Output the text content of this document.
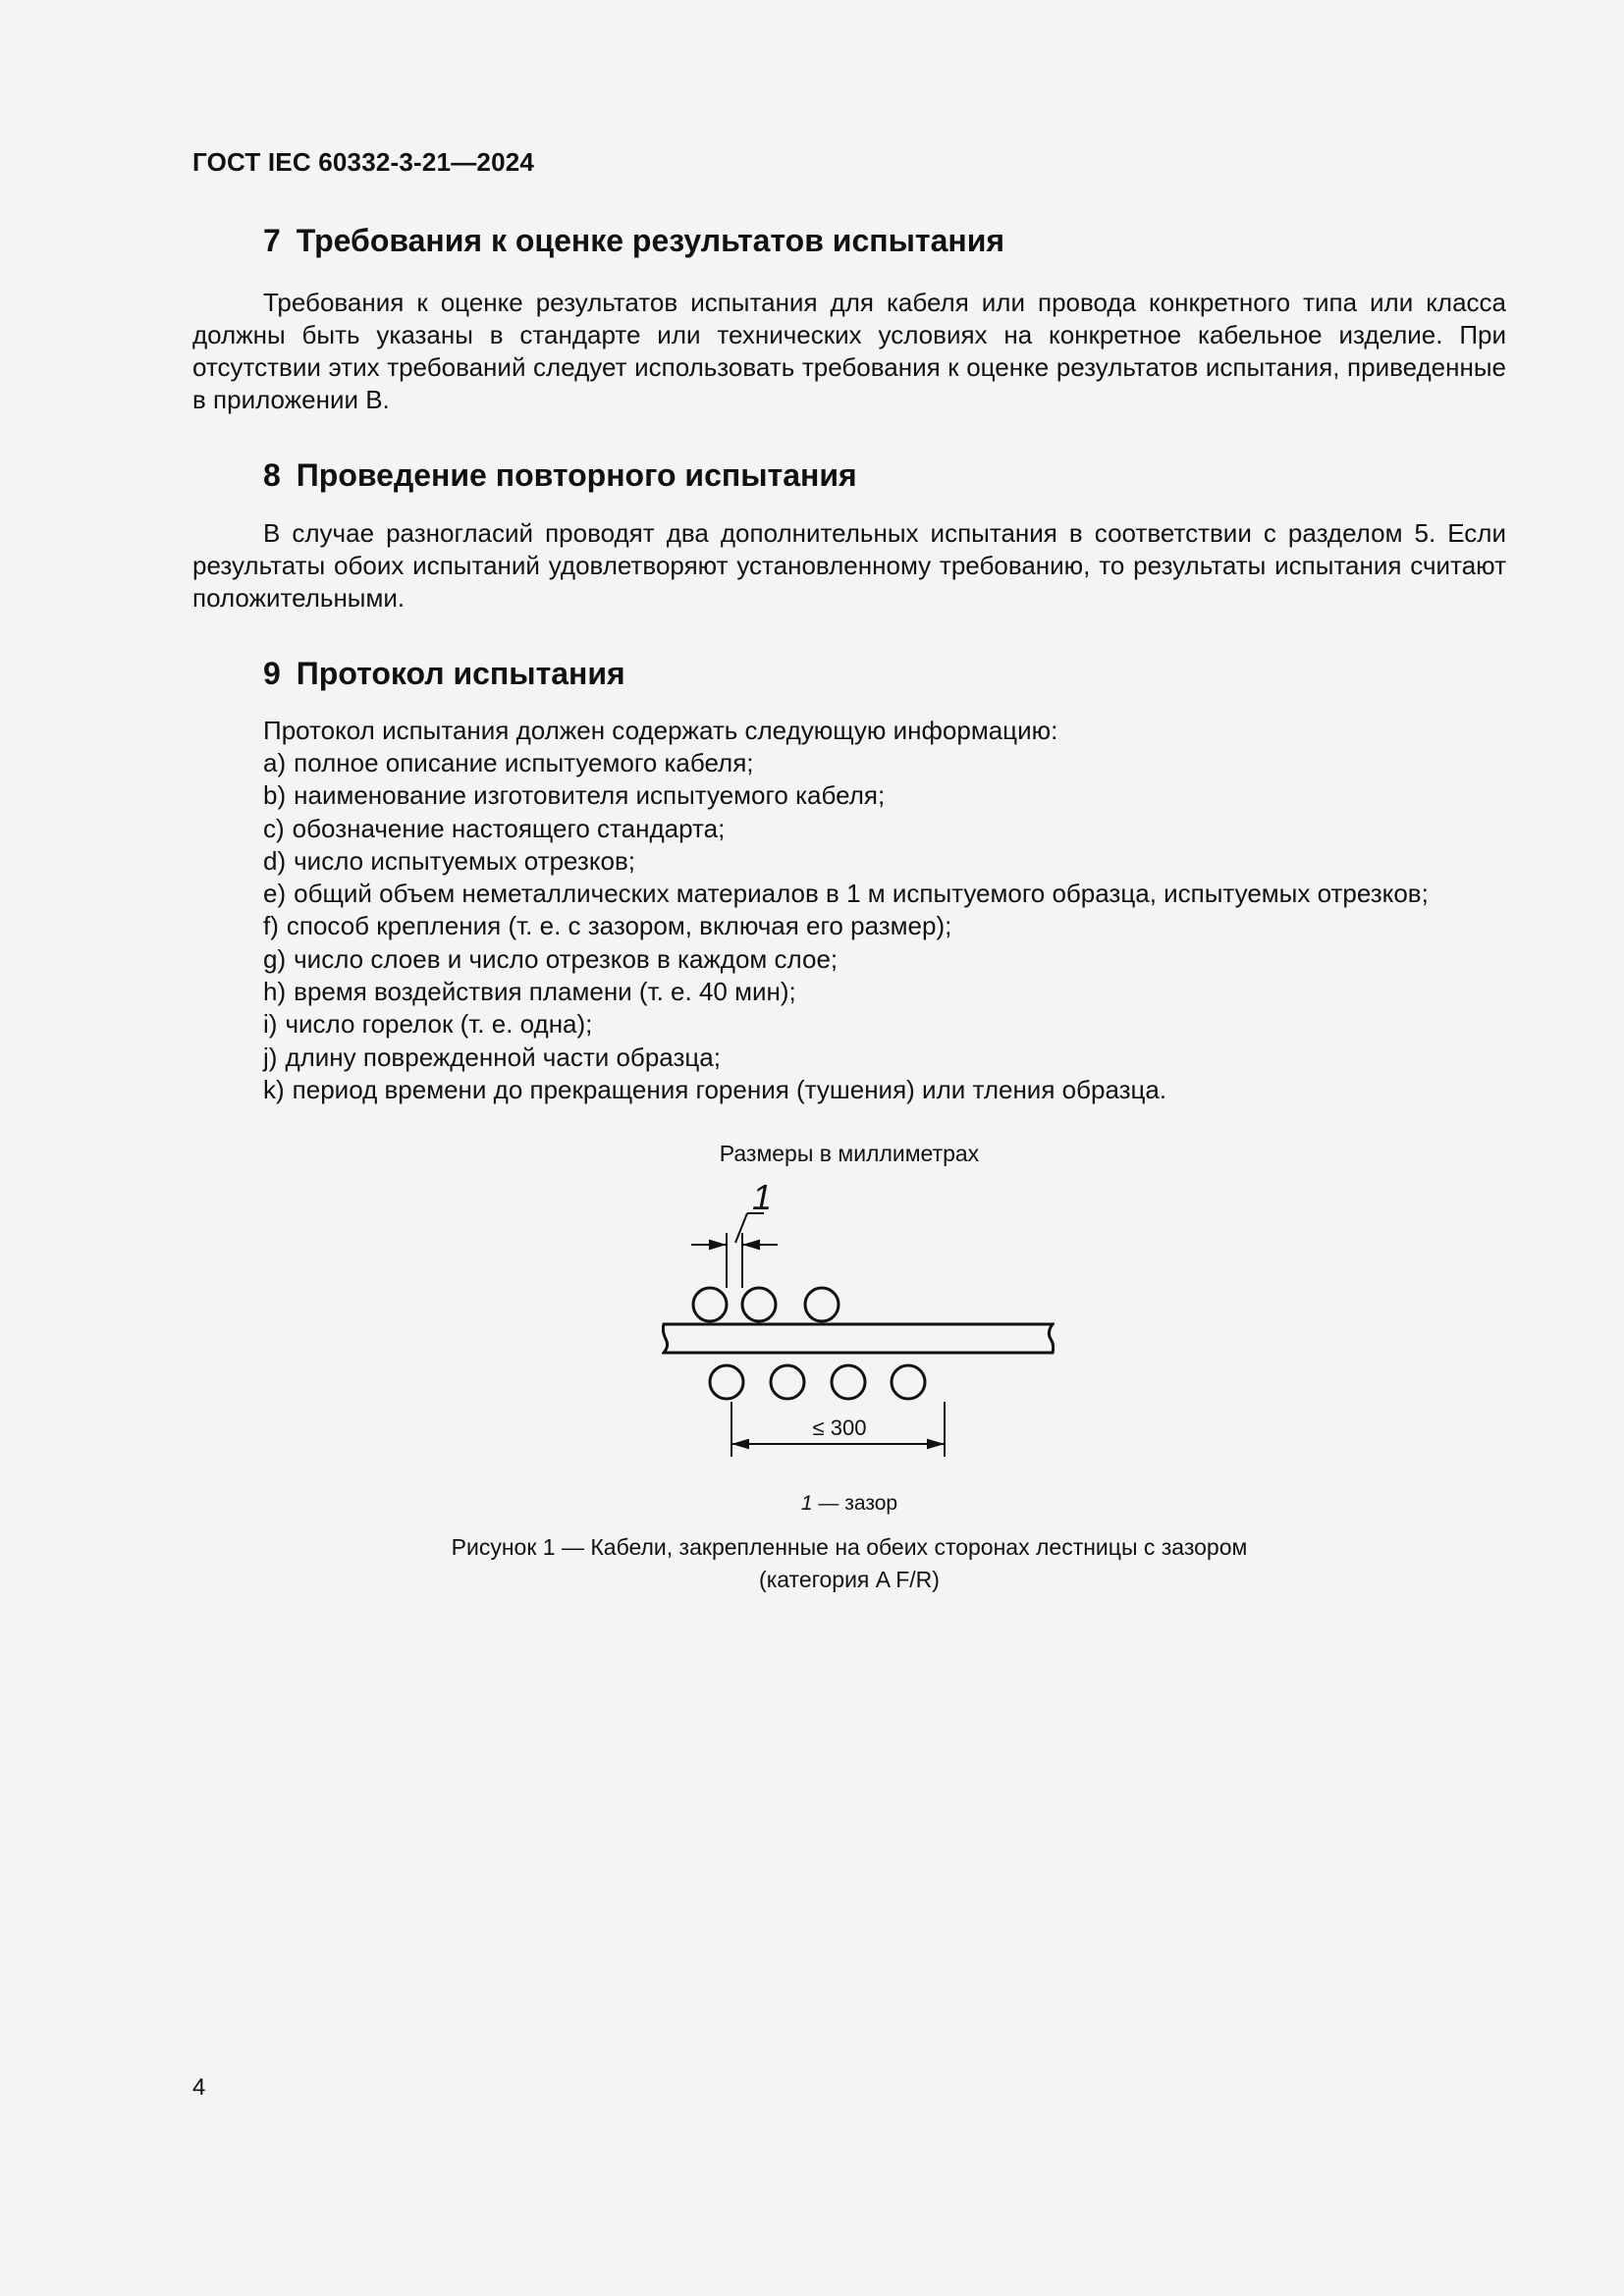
ГОСТ IEC 60332-3-21—2024
7 Требования к оценке результатов испытания

Требования к оценке результатов испытания для кабеля или провода конкретного типа или класса должны быть указаны в стандарте или технических условиях на конкретное кабельное изделие. При отсутствии этих требований следует использовать требования к оценке результатов испытания, приведенные в приложении В.

8 Проведение повторного испытания

В случае разногласий проводят два дополнительных испытания в соответствии с разделом 5. Если результаты обоих испытаний удовлетворяют установленному требованию, то результаты испытания считают положительными.

9 Протокол испытания

Протокол испытания должен содержать следующую информацию:

a) полное описание испытуемого кабеля;
b) наименование изготовителя испытуемого кабеля;
c) обозначение настоящего стандарта;
d) число испытуемых отрезков;
e) общий объем неметаллических материалов в 1 м испытуемого образца, испытуемых отрезков;
f) способ крепления (т. е. с зазором, включая его размер);
g) число слоев и число отрезков в каждом слое;
h) время воздействия пламени (т. е. 40 мин);
i) число горелок (т. е. одна);
j) длину поврежденной части образца;
k) период времени до прекращения горения (тушения) или тления образца.
Размеры в миллиметрах
1
≤ 300
1 — зазор
Рисунок 1 — Кабели, закрепленные на обеих сторонах лестницы с зазором
(категория A F/R)
4
